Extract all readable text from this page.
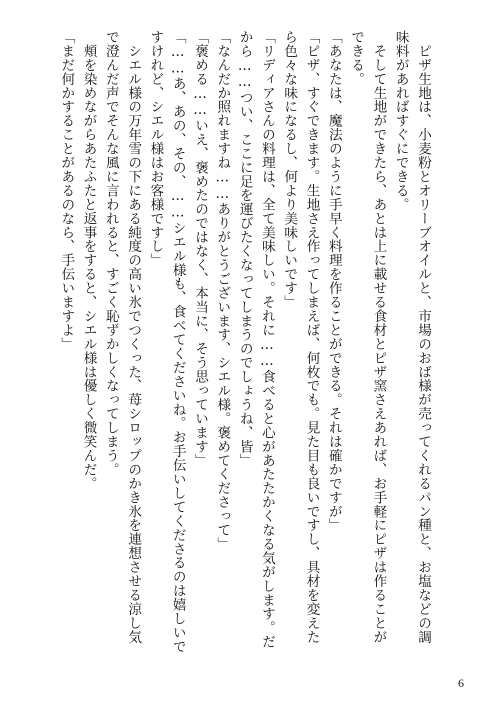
　ピザ生地は、小麦粉とオリーブオイルと、市場のおば様が売ってくれるパン種と、お塩などの調
味料があればすぐにできる。
　そして生地ができたら、あとは上に載せる食材とピザ窯さえあれば、お手軽にピザは作ることが
できる。
「あなたは、魔法のように手早く料理を作ることができる。それは確かですが」
「ピザ、すぐできます。生地さえ作ってしまえば、何枚でも。見た目も良いですし、具材を変えた
ら色々な味になるし、何より美味しいです」
「リディアさんの料理は、全て美味しい。それに……食べると心があたたかくなる気がします。だ
から……つい、ここに足を運びたくなってしまうのでしょうね、皆」
「なんだか照れますね……ありがとうございます、シエル様。褒めてくださって」
「褒める……いえ、褒めたのではなく、本当に、そう思っています」
「……あ、あの、その、……シエル様も、食べてくださいね。お手伝いしてくださるのは嬉しいで
すけれど、シエル様はお客様ですし」
　シエル様の万年雪の下にある純度の高い氷でつくった、苺シロップのかき氷を連想させる涼し気
で澄んだ声でそんな風に言われると、すごく恥ずかしくなってしまう。
　頬を染めながらあたふたと返事をすると、シエル様は優しく微笑んだ。
「まだ何かすることがあるのなら、手伝いますよ」
6
